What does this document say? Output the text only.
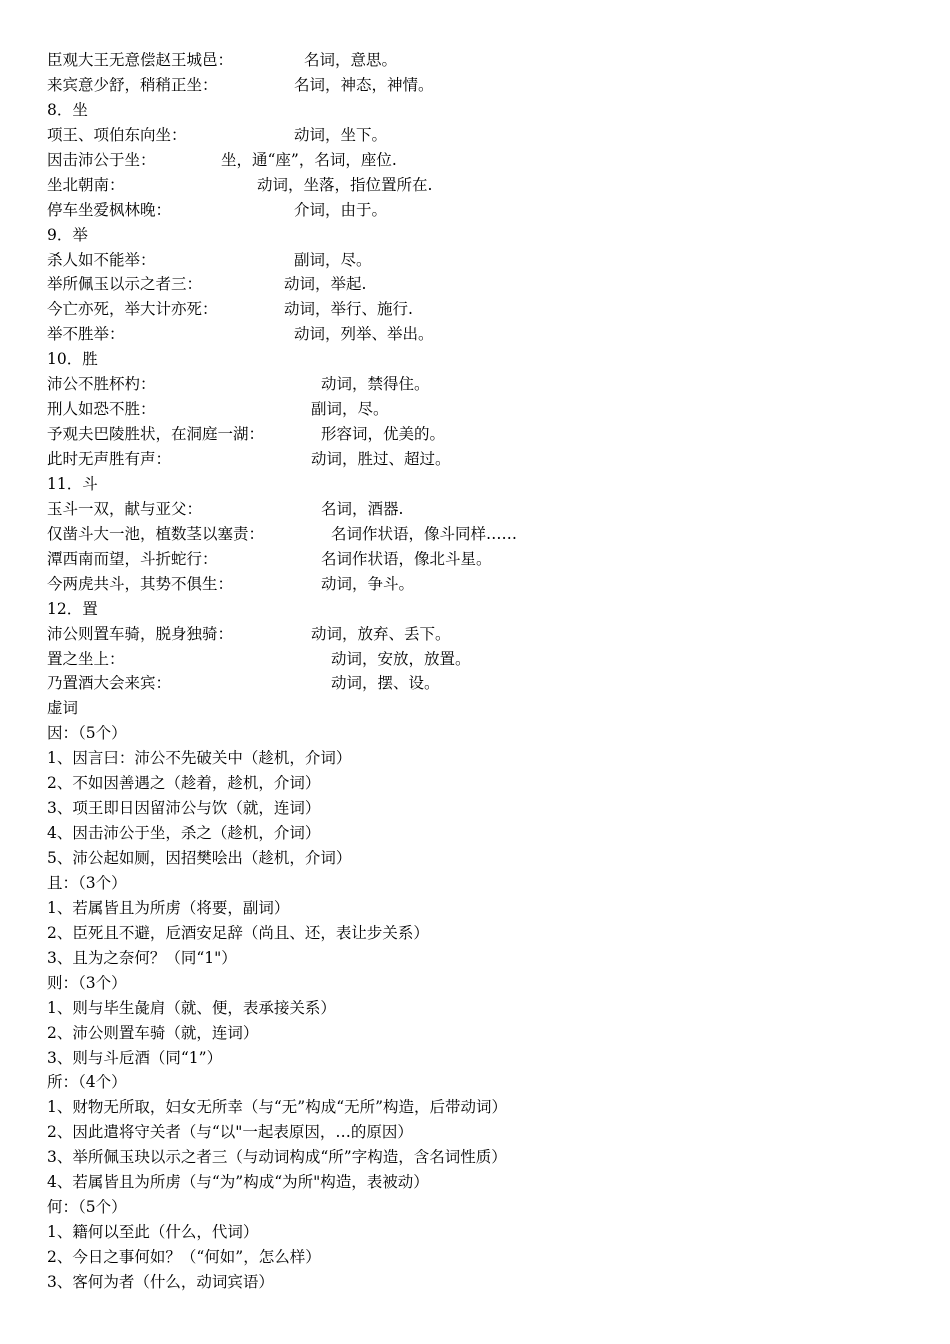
臣观大王无意偿赵王城邑：	名词，意思。
来宾意少舒，稍稍正坐：	名词，神态，神情。
8．坐
项王、项伯东向坐：	动词，坐下。
因击沛公于坐：	坐，通“座”，名词，座位.
坐北朝南：	动词，坐落，指位置所在.
停车坐爱枫林晚：	介词，由于。
9．举
杀人如不能举：	副词，尽。
举所佩玉以示之者三：	动词，举起.
今亡亦死，举大计亦死：	动词，举行、施行.
举不胜举：	动词，列举、举出。
10．胜
沛公不胜杯杓：	动词，禁得住。
刑人如恐不胜：	副词，尽。
予观夫巴陵胜状，在洞庭一湖：	形容词，优美的。
此时无声胜有声：	动词，胜过、超过。
11．斗
玉斗一双，献与亚父：	名词，酒器.
仅凿斗大一池，植数茎以塞责：	名词作状语，像斗同样……
潭西南而望，斗折蛇行：	名词作状语，像北斗星。
今两虎共斗，其势不俱生：	动词，争斗。
12．置
沛公则置车骑，脱身独骑：	动词，放弃、丢下。
置之坐上：	动词，安放，放置。
乃置酒大会来宾：	动词，摆、设。
虚词
因：（5个）
1、因言曰：沛公不先破关中（趁机，介词）
2、不如因善遇之（趁着，趁机，介词）
3、项王即日因留沛公与饮（就，连词）
4、因击沛公于坐，杀之（趁机，介词）
5、沛公起如厕，因招樊哙出（趁机，介词）
且：（3个）
1、若属皆且为所虏（将要，副词）
2、臣死且不避，卮酒安足辞（尚且、还，表让步关系）
3、且为之奈何？（同“1"）
则：（3个）
1、则与毕生彘肩（就、便，表承接关系）
2、沛公则置车骑（就，连词）
3、则与斗卮酒（同“1”）
所：（4个）
1、财物无所取，妇女无所幸（与“无”构成“无所”构造，后带动词）
2、因此遣将守关者（与“以"一起表原因，…的原因）
3、举所佩玉玦以示之者三（与动词构成“所”字构造，含名词性质）
4、若属皆且为所虏（与“为”构成“为所"构造，表被动）
何：（5个）
1、籍何以至此（什么，代词）
2、今日之事何如？（“何如”，怎么样）
3、客何为者（什么，动词宾语）
